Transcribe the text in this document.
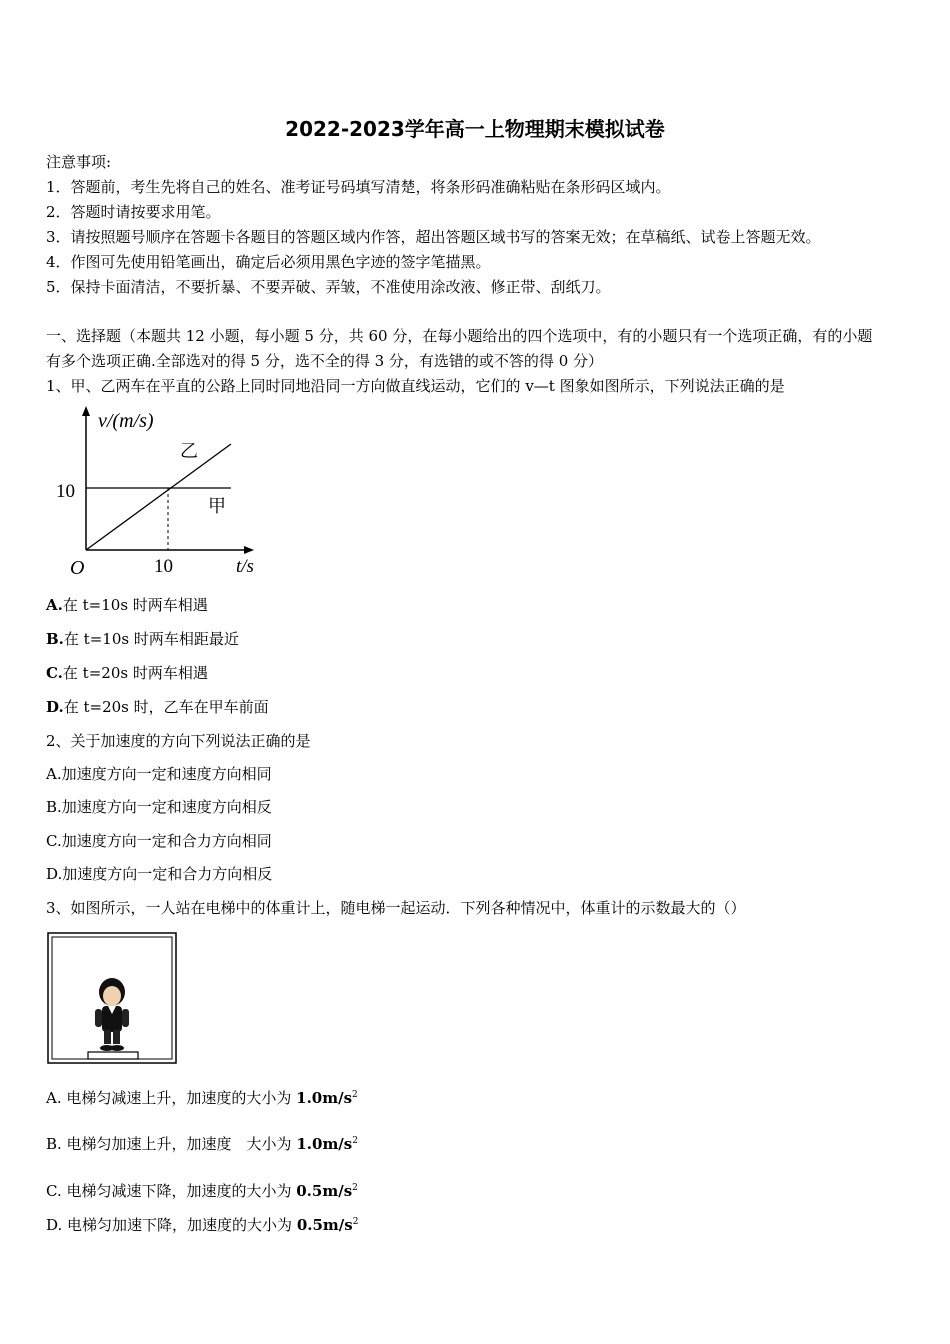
2022-2023学年高一上物理期末模拟试卷
注意事项:
1．答题前，考生先将自己的姓名、准考证号码填写清楚，将条形码准确粘贴在条形码区域内。
2．答题时请按要求用笔。
3．请按照题号顺序在答题卡各题目的答题区域内作答，超出答题区域书写的答案无效；在草稿纸、试卷上答题无效。
4．作图可先使用铅笔画出，确定后必须用黑色字迹的签字笔描黑。
5．保持卡面清洁，不要折暴、不要弄破、弄皱，不准使用涂改液、修正带、刮纸刀。
一、选择题（本题共 12 小题，每小题 5 分，共 60 分，在每小题给出的四个选项中，有的小题只有一个选项正确，有的小题
有多个选项正确.全部选对的得 5 分，选不全的得 3 分，有选错的或不答的得 0 分）
1、甲、乙两车在平直的公路上同时同地沿同一方向做直线运动，它们的 v—t 图象如图所示，下列说法正确的是
v/(m/s)
乙
甲
10
10
O	t/s
A.在 t=10s 时两车相遇
B.在 t=10s 时两车相距最近
C.在 t=20s 时两车相遇
D.在 t=20s 时，乙车在甲车前面
2、关于加速度的方向下列说法正确的是
A.加速度方向一定和速度方向相同
B.加速度方向一定和速度方向相反
C.加速度方向一定和合力方向相同
D.加速度方向一定和合力方向相反
3、如图所示，一人站在电梯中的体重计上，随电梯一起运动．下列各种情况中，体重计的示数最大的（）
A. 电梯匀减速上升，加速度的大小为 $1.0m/s^2$
B. 电梯匀加速上升，加速度　大小为 $1.0m/s^2$
C. 电梯匀减速下降，加速度的大小为 $0.5m/s^2$
D. 电梯匀加速下降，加速度的大小为 $0.5m/s^2$
